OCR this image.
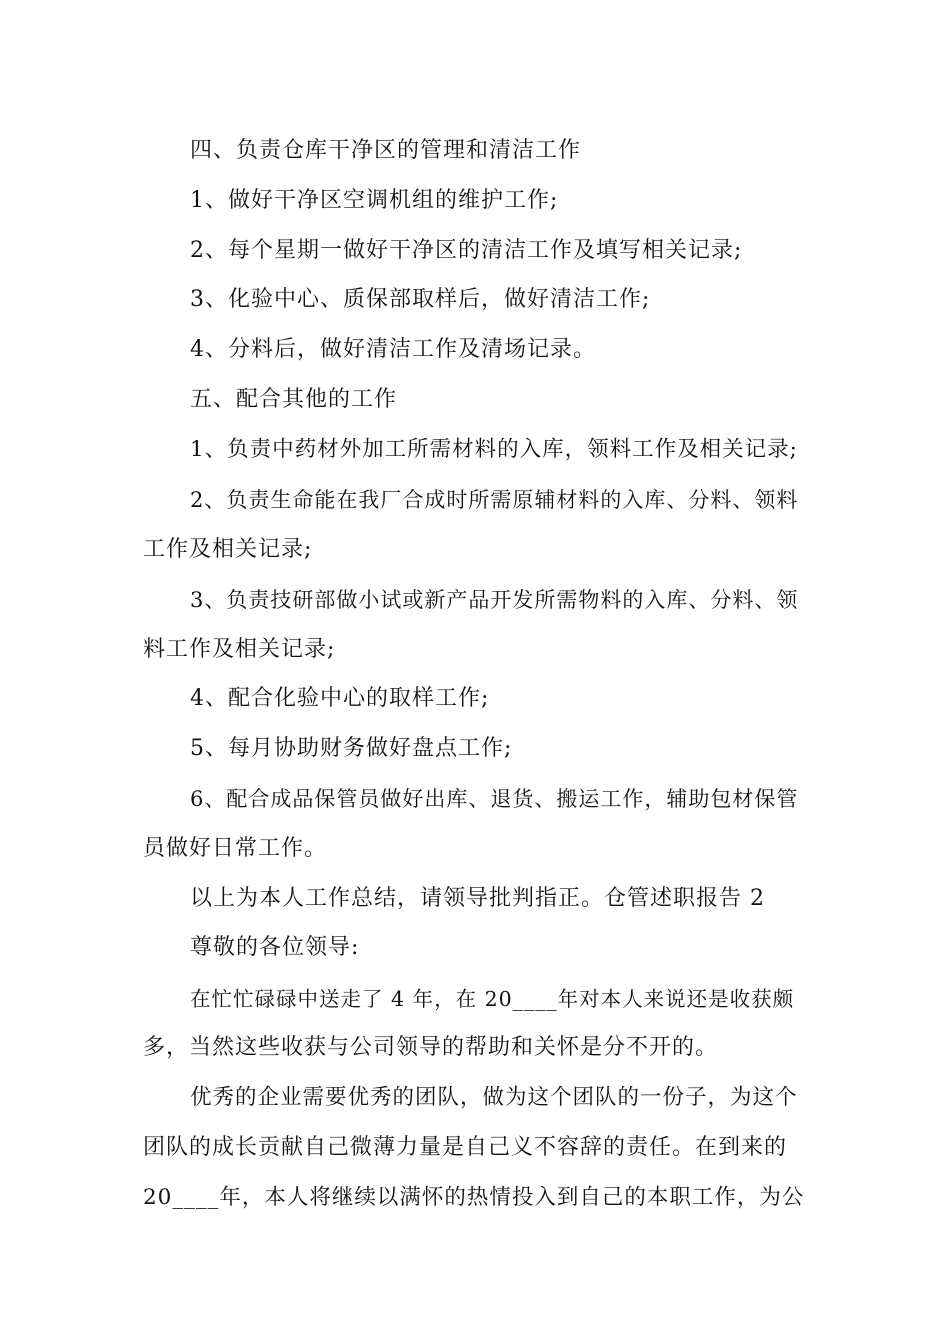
四、负责仓库干净区的管理和清洁工作
1、做好干净区空调机组的维护工作;
2、每个星期一做好干净区的清洁工作及填写相关记录;
3、化验中心、质保部取样后，做好清洁工作;
4、分料后，做好清洁工作及清场记录。
五、配合其他的工作
1、负责中药材外加工所需材料的入库，领料工作及相关记录;
2、负责生命能在我厂合成时所需原辅材料的入库、分料、领料
工作及相关记录;
3、负责技研部做小试或新产品开发所需物料的入库、分料、领
料工作及相关记录;
4、配合化验中心的取样工作;
5、每月协助财务做好盘点工作;
6、配合成品保管员做好出库、退货、搬运工作，辅助包材保管
员做好日常工作。
以上为本人工作总结，请领导批判指正。仓管述职报告 2
尊敬的各位领导:
在忙忙碌碌中送走了 4 年，在 20____年对本人来说还是收获颇
多，当然这些收获与公司领导的帮助和关怀是分不开的。
优秀的企业需要优秀的团队，做为这个团队的一份子，为这个
团队的成长贡献自己微薄力量是自己义不容辞的责任。在到来的
20____年，本人将继续以满怀的热情投入到自己的本职工作，为公
